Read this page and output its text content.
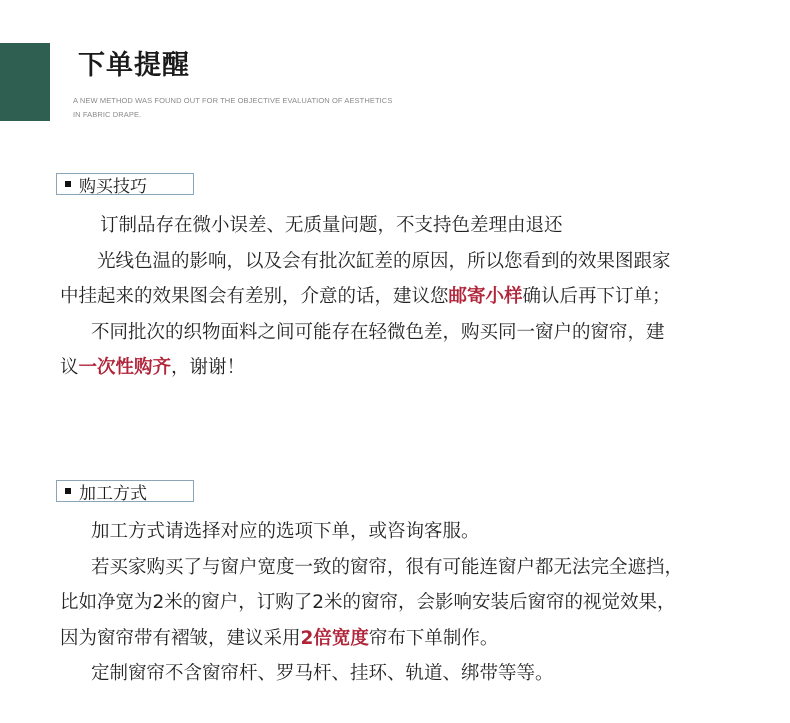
下单提醒
A NEW METHOD WAS FOUND OUT FOR THE OBJECTIVE EVALUATION OF AESTHETICS
IN FABRIC DRAPE.
购买技巧
订制品存在微小误差、无质量问题，不支持色差理由退还
光线色温的影响，以及会有批次缸差的原因，所以您看到的效果图跟家
中挂起来的效果图会有差别，介意的话，建议您邮寄小样确认后再下订单；
不同批次的织物面料之间可能存在轻微色差，购买同一窗户的窗帘，建
议一次性购齐，谢谢！
加工方式
加工方式请选择对应的选项下单，或咨询客服。
若买家购买了与窗户宽度一致的窗帘，很有可能连窗户都无法完全遮挡，
比如净宽为2米的窗户，订购了2米的窗帘，会影响安装后窗帘的视觉效果，
因为窗帘带有褶皱，建议采用2倍宽度帘布下单制作。
定制窗帘不含窗帘杆、罗马杆、挂环、轨道、绑带等等。
